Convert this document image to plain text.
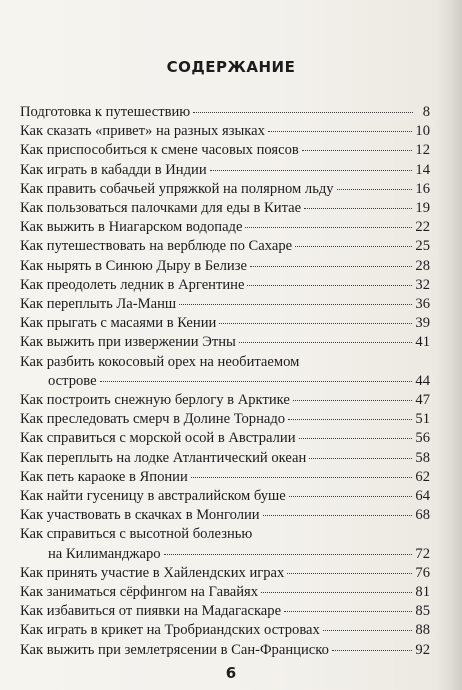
СОДЕРЖАНИЕ
Подготовка к путешествию	8
Как сказать «привет» на разных языках	10
Как приспособиться к смене часовых поясов	12
Как играть в кабадди в Индии	14
Как править собачьей упряжкой на полярном льду	16
Как пользоваться палочками для еды в Китае	19
Как выжить в Ниагарском водопаде	22
Как путешествовать на верблюде по Сахаре	25
Как нырять в Синюю Дыру в Белизе	28
Как преодолеть ледник в Аргентине	32
Как переплыть Ла-Манш	36
Как прыгать с масаями в Кении	39
Как выжить при извержении Этны	41
Как разбить кокосовый орех на необитаемом
острове	44
Как построить снежную берлогу в Арктике	47
Как преследовать смерч в Долине Торнадо	51
Как справиться с морской осой в Австралии	56
Как переплыть на лодке Атлантический океан	58
Как петь караоке в Японии	62
Как найти гусеницу в австралийском буше	64
Как участвовать в скачках в Монголии	68
Как справиться с высотной болезнью
на Килиманджаро	72
Как принять участие в Хайлендских играх	76
Как заниматься сёрфингом на Гавайях	81
Как избавиться от пиявки на Мадагаскаре	85
Как играть в крикет на Тробриандских островах	88
Как выжить при землетрясении в Сан-Франциско	92
6
